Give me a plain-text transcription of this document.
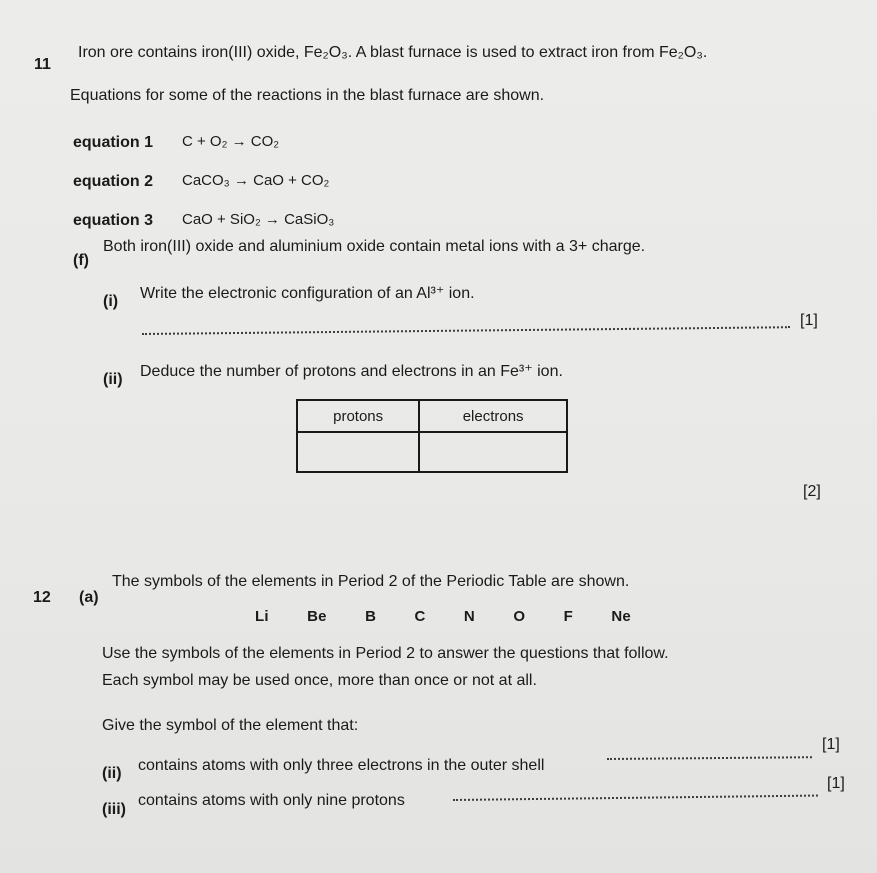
11
Iron ore contains iron(III) oxide, Fe₂O₃. A blast furnace is used to extract iron from Fe₂O₃.
Equations for some of the reactions in the blast furnace are shown.
equation 1 C + O₂ → CO₂
equation 2 CaCO₃ → CaO + CO₂
equation 3 CaO + SiO₂ → CaSiO₃
(f)
Both iron(III) oxide and aluminium oxide contain metal ions with a 3+ charge.
(i) Write the electronic configuration of an Al³⁺ ion.
[1]
(ii) Deduce the number of protons and electrons in an Fe³⁺ ion.
protons	electrons

[2]
12 (a)
The symbols of the elements in Period 2 of the Periodic Table are shown.
Li	Be	B	C	N	O	F	Ne
Use the symbols of the elements in Period 2 to answer the questions that follow.
Each symbol may be used once, more than once or not at all.
Give the symbol of the element that:
(ii) contains atoms with only three electrons in the outer shell
[1]
(iii)
contains atoms with only nine protons
[1]
